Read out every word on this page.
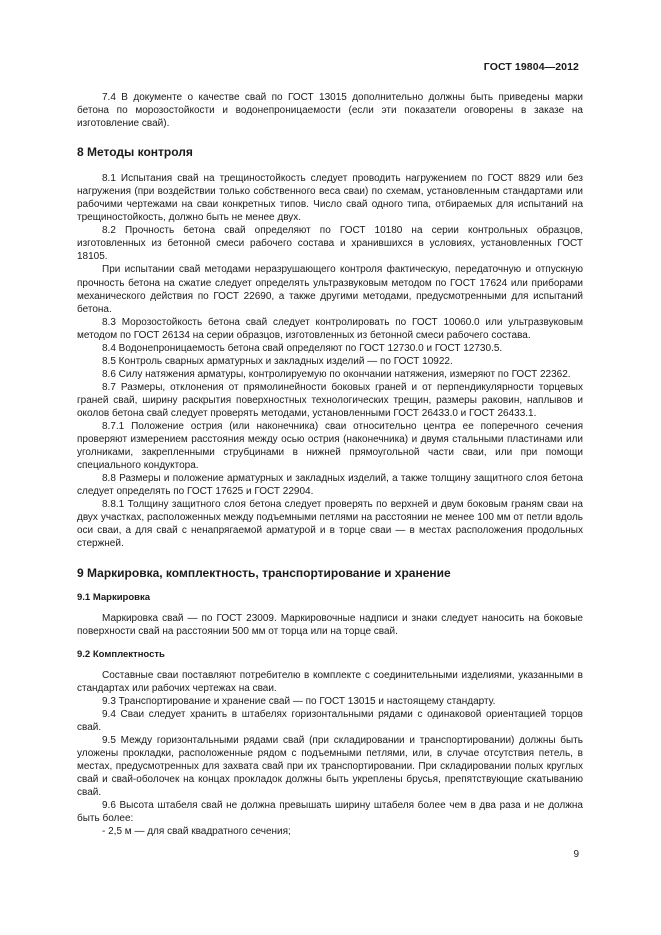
ГОСТ 19804—2012

7.4 В документе о качестве свай по ГОСТ 13015 дополнительно должны быть приведены марки бетона по морозостойкости и водонепроницаемости (если эти показатели оговорены в заказе на изготовление свай).

8 Методы контроля

8.1 Испытания свай на трещиностойкость следует проводить нагружением по ГОСТ 8829 или без нагружения (при воздействии только собственного веса сваи) по схемам, установленным стандартами или рабочими чертежами на сваи конкретных типов. Число свай одного типа, отбираемых для испытаний на трещиностойкость, должно быть не менее двух.

8.2 Прочность бетона свай определяют по ГОСТ 10180 на серии контрольных образцов, изготовленных из бетонной смеси рабочего состава и хранившихся в условиях, установленных ГОСТ 18105.

При испытании свай методами неразрушающего контроля фактическую, передаточную и отпускную прочность бетона на сжатие следует определять ультразвуковым методом по ГОСТ 17624 или приборами механического действия по ГОСТ 22690, а также другими методами, предусмотренными для испытаний бетона.

8.3 Морозостойкость бетона свай следует контролировать по ГОСТ 10060.0 или ультразвуковым методом по ГОСТ 26134 на серии образцов, изготовленных из бетонной смеси рабочего состава.

8.4 Водонепроницаемость бетона свай определяют по ГОСТ 12730.0 и ГОСТ 12730.5.

8.5 Контроль сварных арматурных и закладных изделий — по ГОСТ 10922.

8.6 Силу натяжения арматуры, контролируемую по окончании натяжения, измеряют по ГОСТ 22362.

8.7 Размеры, отклонения от прямолинейности боковых граней и от перпендикулярности торцевых граней свай, ширину раскрытия поверхностных технологических трещин, размеры раковин, наплывов и околов бетона свай следует проверять методами, установленными ГОСТ 26433.0 и ГОСТ 26433.1.

8.7.1 Положение острия (или наконечника) сваи относительно центра ее поперечного сечения проверяют измерением расстояния между осью острия (наконечника) и двумя стальными пластинами или уголниками, закрепленными струбцинами в нижней прямоугольной части сваи, или при помощи специального кондуктора.

8.8 Размеры и положение арматурных и закладных изделий, а также толщину защитного слоя бетона следует определять по ГОСТ 17625 и ГОСТ 22904.

8.8.1 Толщину защитного слоя бетона следует проверять по верхней и двум боковым граням сваи на двух участках, расположенных между подъемными петлями на расстоянии не менее 100 мм от петли вдоль оси сваи, а для свай с ненапрягаемой арматурой и в торце сваи — в местах расположения продольных стержней.

9 Маркировка, комплектность, транспортирование и хранение
9.1 Маркировка

Маркировка свай — по ГОСТ 23009. Маркировочные надписи и знаки следует наносить на боковые поверхности свай на расстоянии 500 мм от торца или на торце свай.

9.2 Комплектность

Составные сваи поставляют потребителю в комплекте с соединительными изделиями, указанными в стандартах или рабочих чертежах на сваи.

9.3 Транспортирование и хранение свай — по ГОСТ 13015 и настоящему стандарту.

9.4 Сваи следует хранить в штабелях горизонтальными рядами с одинаковой ориентацией торцов свай.

9.5 Между горизонтальными рядами свай (при складировании и транспортировании) должны быть уложены прокладки, расположенные рядом с подъемными петлями, или, в случае отсутствия петель, в местах, предусмотренных для захвата свай при их транспортировании. При складировании полых круглых свай и свай-оболочек на концах прокладок должны быть укреплены брусья, препятствующие скатыванию свай.

9.6 Высота штабеля свай не должна превышать ширину штабеля более чем в два раза и не должна быть более:

- 2,5 м — для свай квадратного сечения;

9
